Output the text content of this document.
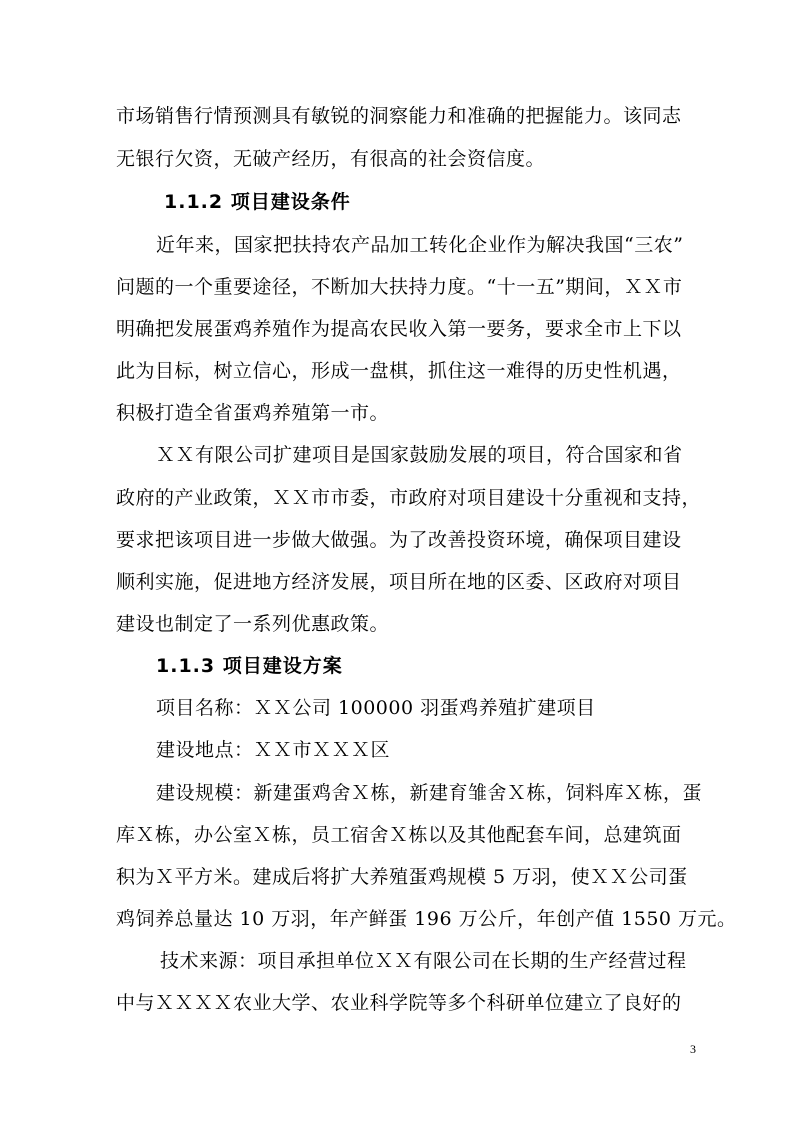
市场销售行情预测具有敏锐的洞察能力和准确的把握能力。该同志
无银行欠资，无破产经历，有很高的社会资信度。
1.1.2 项目建设条件
近年来，国家把扶持农产品加工转化企业作为解决我国“三农”
问题的一个重要途径，不断加大扶持力度。“十一五”期间，ＸＸ市
明确把发展蛋鸡养殖作为提高农民收入第一要务，要求全市上下以
此为目标，树立信心，形成一盘棋，抓住这一难得的历史性机遇，
积极打造全省蛋鸡养殖第一市。
ＸＸ有限公司扩建项目是国家鼓励发展的项目，符合国家和省
政府的产业政策，ＸＸ市市委，市政府对项目建设十分重视和支持，
要求把该项目进一步做大做强。为了改善投资环境，确保项目建设
顺利实施，促进地方经济发展，项目所在地的区委、区政府对项目
建设也制定了一系列优惠政策。
1.1.3 项目建设方案
项目名称：ＸＸ公司 100000 羽蛋鸡养殖扩建项目
建设地点：ＸＸ市ＸＸＸ区
建设规模：新建蛋鸡舍Ｘ栋，新建育雏舍Ｘ栋，饲料库Ｘ栋，蛋
库Ｘ栋，办公室Ｘ栋，员工宿舍Ｘ栋以及其他配套车间，总建筑面
积为Ｘ平方米。建成后将扩大养殖蛋鸡规模 5 万羽，使ＸＸ公司蛋
鸡饲养总量达 10 万羽，年产鲜蛋 196 万公斤，年创产值 1550 万元。
技术来源：项目承担单位ＸＸ有限公司在长期的生产经营过程
中与ＸＸＸＸ农业大学、农业科学院等多个科研单位建立了良好的
3
